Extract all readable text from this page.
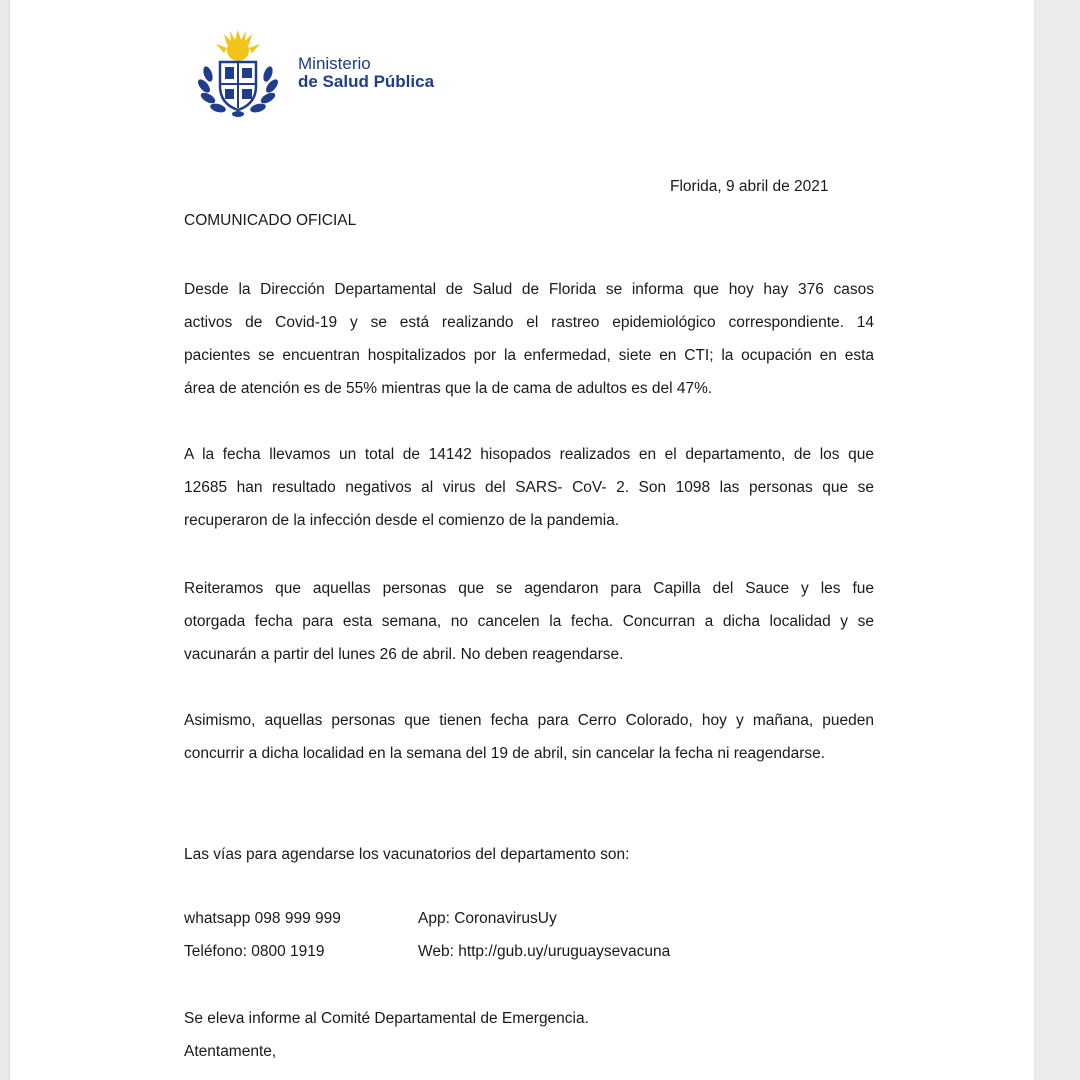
Ministerio
de Salud Pública
Florida, 9 abril de 2021
COMUNICADO OFICIAL
Desde la Dirección Departamental de Salud de Florida se informa que hoy hay 376 casos
activos de Covid-19 y se está realizando el rastreo epidemiológico correspondiente. 14
pacientes se encuentran hospitalizados por la enfermedad, siete en CTI; la ocupación en esta
área de atención es de 55% mientras que la de cama de adultos es del 47%.
A la fecha llevamos un total de 14142 hisopados realizados en el departamento, de los que
12685 han resultado negativos al virus del SARS- CoV- 2. Son 1098 las personas que se
recuperaron de la infección desde el comienzo de la pandemia.
Reiteramos que aquellas personas que se agendaron para Capilla del Sauce y les fue
otorgada fecha para esta semana, no cancelen la fecha. Concurran a dicha localidad y se
vacunarán a partir del lunes 26 de abril. No deben reagendarse.
Asimismo, aquellas personas que tienen fecha para Cerro Colorado, hoy y mañana, pueden
concurrir a dicha localidad en la semana del 19 de abril, sin cancelar la fecha ni reagendarse.
Las vías para agendarse los vacunatorios del departamento son:
whatsapp 098 999 999	App: CoronavirusUy
Teléfono: 0800 1919	Web: http://gub.uy/uruguaysevacuna
Se eleva informe al Comité Departamental de Emergencia.
Atentamente,
